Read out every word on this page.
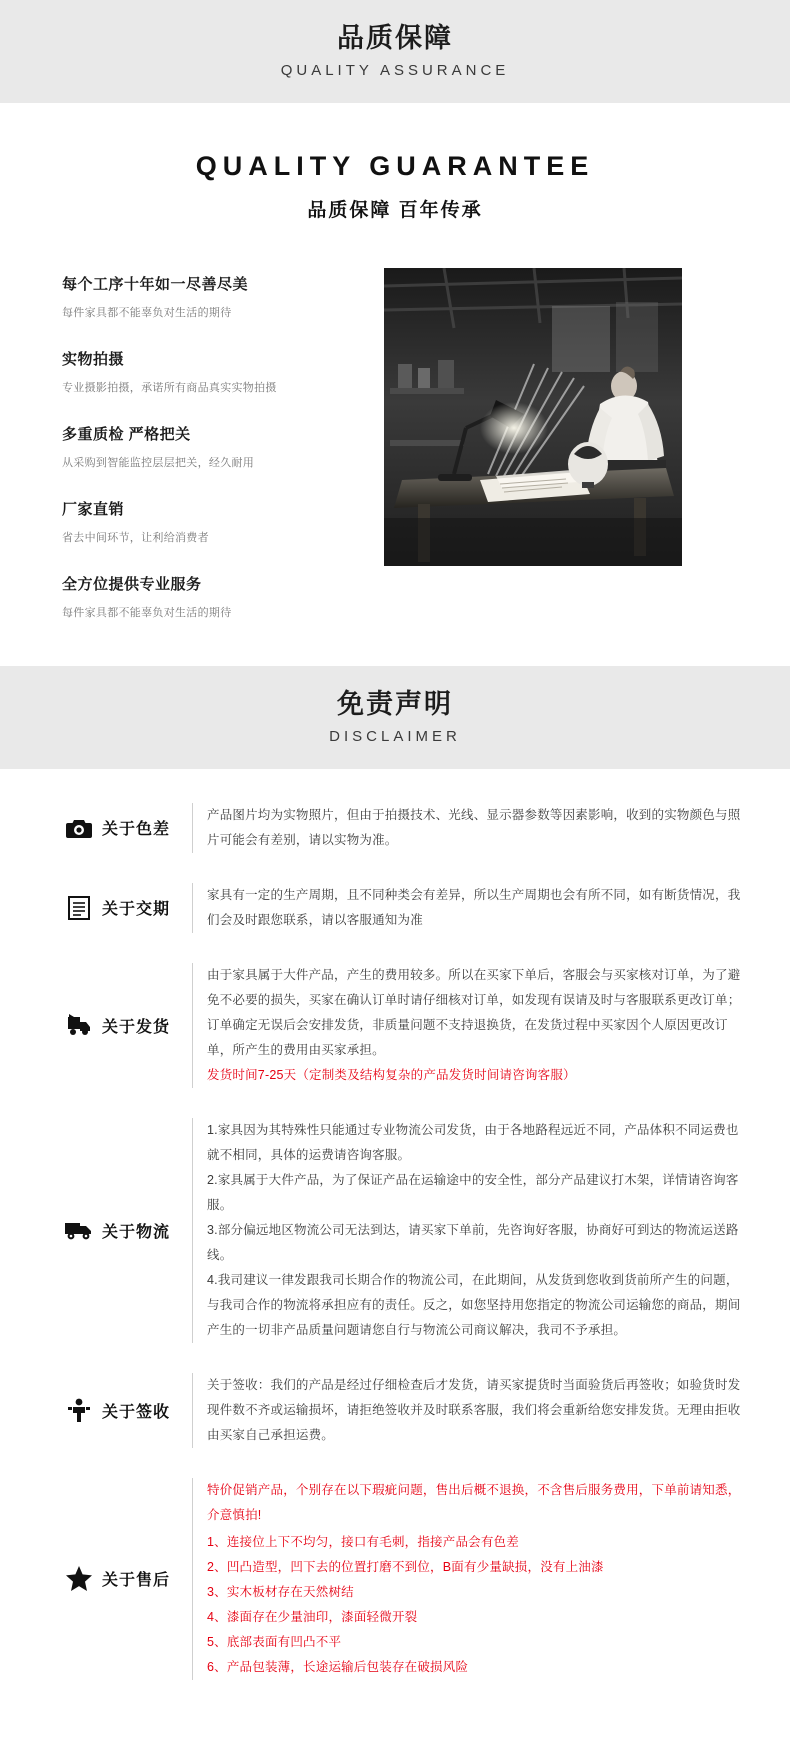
品质保障
QUALITY ASSURANCE
QUALITY GUARANTEE
品质保障 百年传承
每个工序十年如一尽善尽美
每件家具都不能辜负对生活的期待
实物拍摄
专业摄影拍摄，承诺所有商品真实实物拍摄
多重质检 严格把关
从采购到智能监控层层把关，经久耐用
厂家直销
省去中间环节，让利给消费者
全方位提供专业服务
每件家具都不能辜负对生活的期待
免责声明
DISCLAIMER
关于色差

产品图片均为实物照片，但由于拍摄技术、光线、显示器参数等因素影响，收到的实物颜色与照片可能会有差别，请以实物为准。

关于交期

家具有一定的生产周期，且不同种类会有差异，所以生产周期也会有所不同，如有断货情况，我们会及时跟您联系，请以客服通知为准

关于发货

由于家具属于大件产品，产生的费用较多。所以在买家下单后，客服会与买家核对订单，为了避免不必要的损失，买家在确认订单时请仔细核对订单，如发现有误请及时与客服联系更改订单；订单确定无误后会安排发货，非质量问题不支持退换货，在发货过程中买家因个人原因更改订单，所产生的费用由买家承担。

发货时间7-25天（定制类及结构复杂的产品发货时间请咨询客服）

关于物流

1.家具因为其特殊性只能通过专业物流公司发货，由于各地路程远近不同，产品体积不同运费也就不相同，具体的运费请咨询客服。

2.家具属于大件产品，为了保证产品在运输途中的安全性，部分产品建议打木架，详情请咨询客服。

3.部分偏远地区物流公司无法到达，请买家下单前，先咨询好客服，协商好可到达的物流运送路线。

4.我司建议一律发跟我司长期合作的物流公司，在此期间，从发货到您收到货前所产生的问题，与我司合作的物流将承担应有的责任。反之，如您坚持用您指定的物流公司运输您的商品，期间产生的一切非产品质量问题请您自行与物流公司商议解决，我司不予承担。

关于签收

关于签收：我们的产品是经过仔细检查后才发货，请买家提货时当面验货后再签收；如验货时发现件数不齐或运输损坏，请拒绝签收并及时联系客服，我们将会重新给您安排发货。无理由拒收由买家自己承担运费。

关于售后

特价促销产品，个别存在以下瑕疵问题，售出后概不退换，不含售后服务费用，下单前请知悉，介意慎拍!

1、连接位上下不均匀，接口有毛刺，指接产品会有色差

2、凹凸造型，凹下去的位置打磨不到位，B面有少量缺损，没有上油漆

3、实木板材存在天然树结

4、漆面存在少量油印，漆面轻微开裂

5、底部表面有凹凸不平

6、产品包装薄，长途运输后包装存在破损风险
